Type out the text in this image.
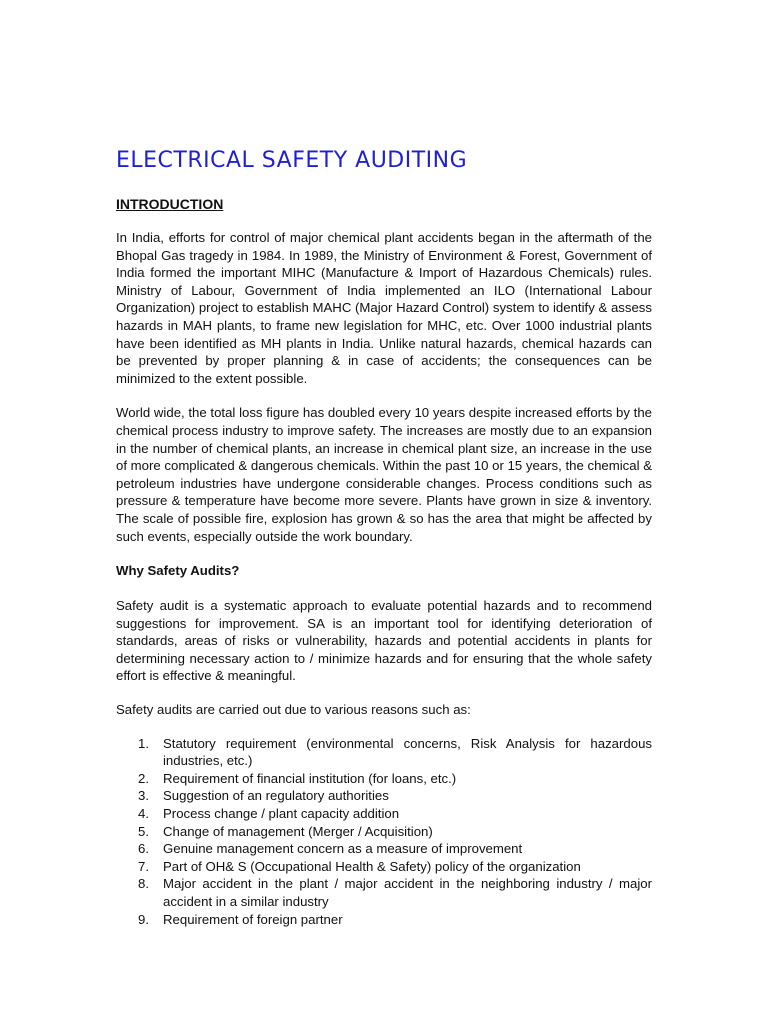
ELECTRICAL SAFETY AUDITING
INTRODUCTION

In India, efforts for control of major chemical plant accidents began in the aftermath of the Bhopal Gas tragedy in 1984. In 1989, the Ministry of Environment & Forest, Government of India formed the important MIHC (Manufacture & Import of Hazardous Chemicals) rules. Ministry of Labour, Government of India implemented an ILO (International Labour Organization) project to establish MAHC (Major Hazard Control) system to identify & assess hazards in MAH plants, to frame new legislation for MHC, etc. Over 1000 industrial plants have been identified as MH plants in India. Unlike natural hazards, chemical hazards can be prevented by proper planning & in case of accidents; the consequences can be minimized to the extent possible.

World wide, the total loss figure has doubled every 10 years despite increased efforts by the chemical process industry to improve safety. The increases are mostly due to an expansion in the number of chemical plants, an increase in chemical plant size, an increase in the use of more complicated & dangerous chemicals. Within the past 10 or 15 years, the chemical & petroleum industries have undergone considerable changes. Process conditions such as pressure & temperature have become more severe. Plants have grown in size & inventory. The scale of possible fire, explosion has grown & so has the area that might be affected by such events, especially outside the work boundary.

Why Safety Audits?

Safety audit is a systematic approach to evaluate potential hazards and to recommend suggestions for improvement. SA is an important tool for identifying deterioration of standards, areas of risks or vulnerability, hazards and potential accidents in plants for determining necessary action to / minimize hazards and for ensuring that the whole safety effort is effective & meaningful.

Safety audits are carried out due to various reasons such as:

1.	Statutory requirement (environmental concerns, Risk Analysis for hazardous industries, etc.)
2.	Requirement of financial institution (for loans, etc.)
3.	Suggestion of an regulatory authorities
4.	Process change / plant capacity addition
5.	Change of management (Merger / Acquisition)
6.	Genuine management concern as a measure of improvement
7.	Part of OH& S (Occupational Health & Safety) policy of the organization
8.	Major accident in the plant / major accident in the neighboring industry / major accident in a similar industry
9.	Requirement of foreign partner
